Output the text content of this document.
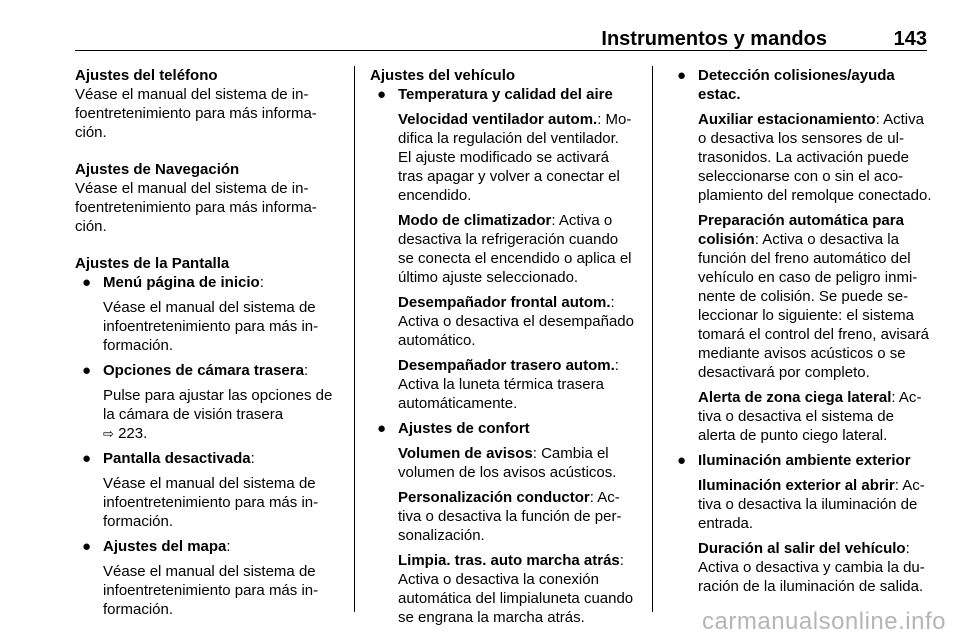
Instrumentos y mandos	143
Ajustes del teléfono
Véase el manual del sistema de infoentretenimiento para más información.
Ajustes de Navegación
Véase el manual del sistema de infoentretenimiento para más información.
Ajustes de la Pantalla
● Menú página de inicio:
Véase el manual del sistema de infoentretenimiento para más información.
● Opciones de cámara trasera:
Pulse para ajustar las opciones de la cámara de visión trasera
⇨ 223.
● Pantalla desactivada:
Véase el manual del sistema de infoentretenimiento para más información.
● Ajustes del mapa:
Véase el manual del sistema de infoentretenimiento para más información.
Ajustes del vehículo
● Temperatura y calidad del aire
Velocidad ventilador autom.: Modifica la regulación del ventilador. El ajuste modificado se activará tras apagar y volver a conectar el encendido.
Modo de climatizador: Activa o desactiva la refrigeración cuando se conecta el encendido o aplica el último ajuste seleccionado.
Desempañador frontal autom.: Activa o desactiva el desempañado automático.
Desempañador trasero autom.: Activa la luneta térmica trasera automáticamente.
● Ajustes de confort
Volumen de avisos: Cambia el volumen de los avisos acústicos.
Personalización conductor: Activa o desactiva la función de personalización.
Limpia. tras. auto marcha atrás: Activa o desactiva la conexión automática del limpialuneta cuando se engrana la marcha atrás.
● Detección colisiones/ayuda estac.
Auxiliar estacionamiento: Activa o desactiva los sensores de ultrasonidos. La activación puede seleccionarse con o sin el acoplamiento del remolque conectado.
Preparación automática para colisión: Activa o desactiva la función del freno automático del vehículo en caso de peligro inminente de colisión. Se puede seleccionar lo siguiente: el sistema tomará el control del freno, avisará mediante avisos acústicos o se desactivará por completo.
Alerta de zona ciega lateral: Activa o desactiva el sistema de alerta de punto ciego lateral.
● Iluminación ambiente exterior
Iluminación exterior al abrir: Activa o desactiva la iluminación de entrada.
Duración al salir del vehículo: Activa o desactiva y cambia la duración de la iluminación de salida.
carmanualsonline.info
